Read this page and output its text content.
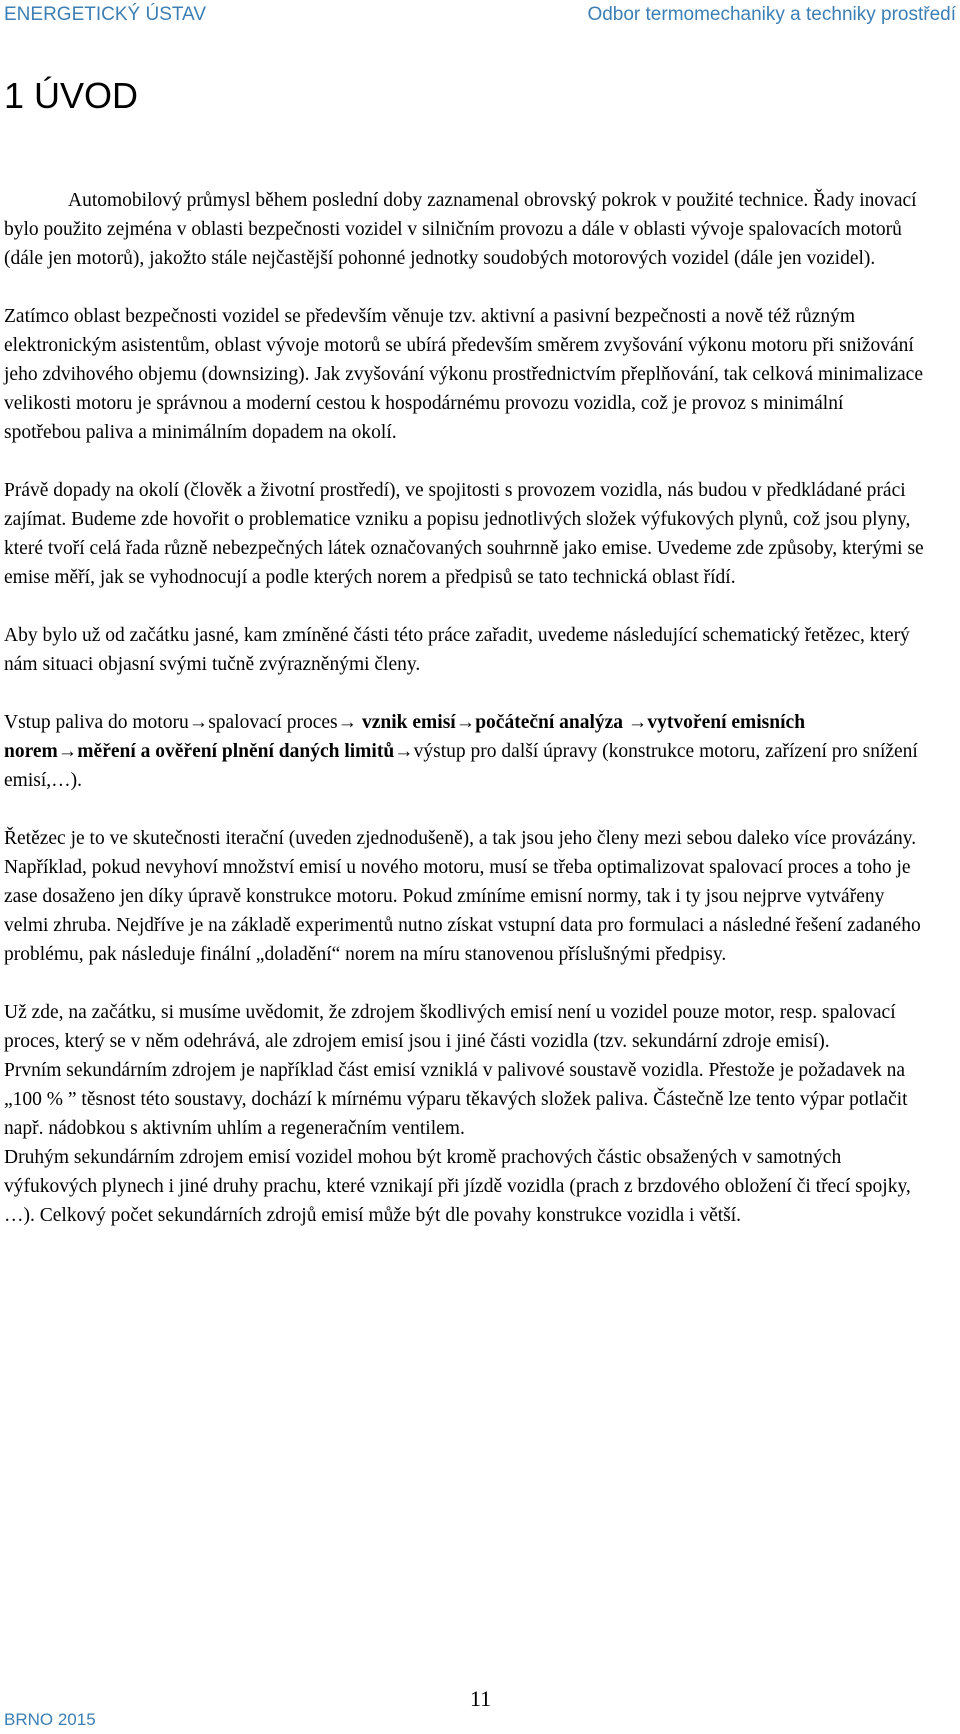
ENERGETICKÝ ÚSTAV	Odbor termomechaniky a techniky prostředí
1 ÚVOD

Automobilový průmysl během poslední doby zaznamenal obrovský pokrok v použité technice. Řady inovací bylo použito zejména v oblasti bezpečnosti vozidel v silničním provozu a dále v oblasti vývoje spalovacích motorů (dále jen motorů), jakožto stále nejčastější pohonné jednotky soudobých motorových vozidel (dále jen vozidel).

Zatímco oblast bezpečnosti vozidel se především věnuje tzv. aktivní a pasivní bezpečnosti a nově též různým elektronickým asistentům, oblast vývoje motorů se ubírá především směrem zvyšování výkonu motoru při snižování jeho zdvihového objemu (downsizing). Jak zvyšování výkonu prostřednictvím přeplňování, tak celková minimalizace velikosti motoru je správnou a moderní cestou k hospodárnému provozu vozidla, což je provoz s minimální spotřebou paliva a minimálním dopadem na okolí.

Právě dopady na okolí (člověk a životní prostředí), ve spojitosti s provozem vozidla, nás budou v předkládané práci zajímat. Budeme zde hovořit o problematice vzniku a popisu jednotlivých složek výfukových plynů, což jsou plyny, které tvoří celá řada různě nebezpečných látek označovaných souhrnně jako emise. Uvedeme zde způsoby, kterými se emise měří, jak se vyhodnocují a podle kterých norem a předpisů se tato technická oblast řídí.

Aby bylo už od začátku jasné, kam zmíněné části této práce zařadit, uvedeme následující schematický řetězec, který nám situaci objasní svými tučně zvýrazněnými členy.

Vstup paliva do motoru→spalovací proces→ vznik emisí→počáteční analýza →vytvoření emisních norem→měření a ověření plnění daných limitů→výstup pro další úpravy (konstrukce motoru, zařízení pro snížení emisí,…).

Řetězec je to ve skutečnosti iterační (uveden zjednodušeně), a tak jsou jeho členy mezi sebou daleko více provázány. Například, pokud nevyhoví množství emisí u nového motoru, musí se třeba optimalizovat spalovací proces a toho je zase dosaženo jen díky úpravě konstrukce motoru. Pokud zmíníme emisní normy, tak i ty jsou nejprve vytvářeny velmi zhruba. Nejdříve je na základě experimentů nutno získat vstupní data pro formulaci a následné řešení zadaného problému, pak následuje finální „doladění“ norem na míru stanovenou příslušnými předpisy.

Už zde, na začátku, si musíme uvědomit, že zdrojem škodlivých emisí není u vozidel pouze motor, resp. spalovací proces, který se v něm odehrává, ale zdrojem emisí jsou i jiné části vozidla (tzv. sekundární zdroje emisí).

Prvním sekundárním zdrojem je například část emisí vzniklá v palivové soustavě vozidla. Přestože je požadavek na „100 % ” těsnost této soustavy, dochází k mírnému výparu těkavých složek paliva. Částečně lze tento výpar potlačit např. nádobkou s aktivním uhlím a regeneračním ventilem.

Druhým sekundárním zdrojem emisí vozidel mohou být kromě prachových částic obsažených v samotných výfukových plynech i jiné druhy prachu, které vznikají při jízdě vozidla (prach z brzdového obložení či třecí spojky, …). Celkový počet sekundárních zdrojů emisí může být dle povahy konstrukce vozidla i větší.

11
BRNO 2015
